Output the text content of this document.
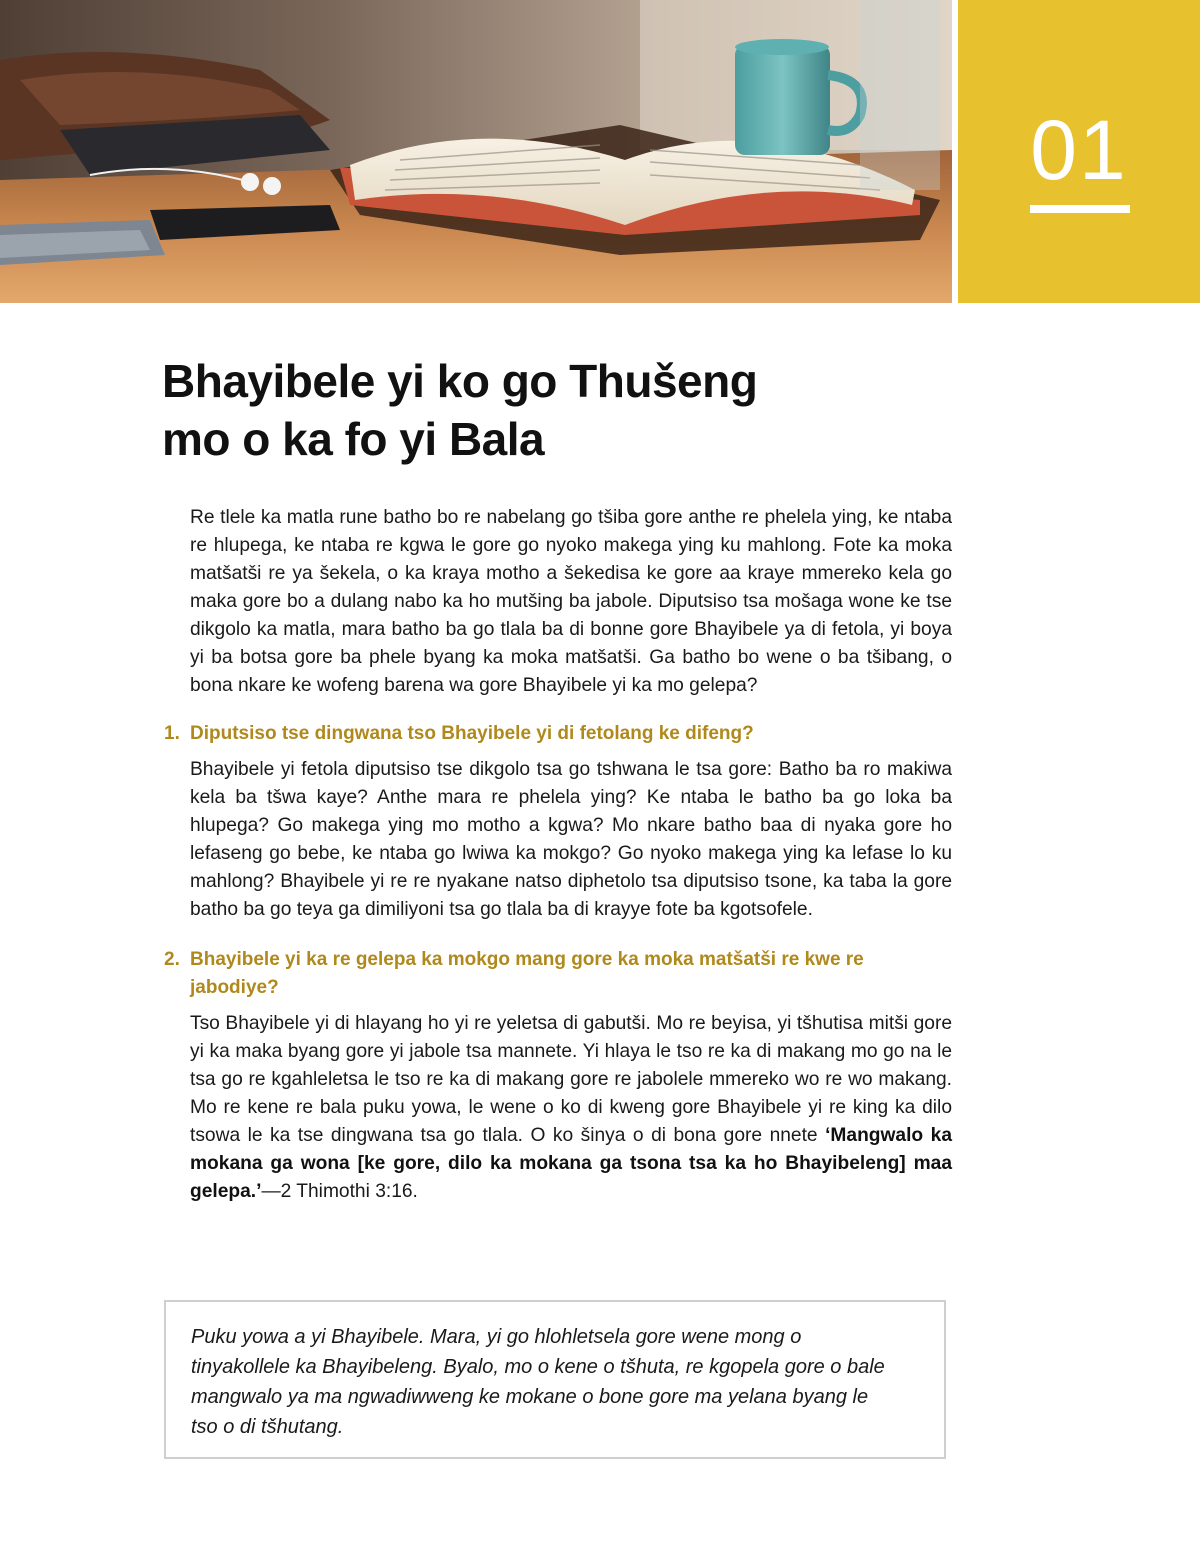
01
Bhayibele yi ko go Thušeng
mo o ka fo yi Bala

Re tlele ka matla rune batho bo re nabelang go tšiba gore anthe re phelela ying, ke ntaba re hlupega, ke ntaba re kgwa le gore go nyoko makega ying ku mahlong. Fote ka moka matšatši re ya šekela, o ka kraya motho a šekedisa ke gore aa kraye mmereko kela go maka gore bo a dulang nabo ka ho mutšing ba jabole. Diputsiso tsa mošaga wone ke tse dikgolo ka matla, mara batho ba go tlala ba di bonne gore Bhayibele ya di fetola, yi boya yi ba botsa gore ba phele byang ka moka matšatši. Ga batho bo wene o ba tšibang, o bona nkare ke wofeng barena wa gore Bhayibele yi ka mo gelepa?

1. Diputsiso tse dingwana tso Bhayibele yi di fetolang ke difeng?

Bhayibele yi fetola diputsiso tse dikgolo tsa go tshwana le tsa gore: Batho ba ro makiwa kela ba tšwa kaye? Anthe mara re phelela ying? Ke ntaba le batho ba go loka ba hlupega? Go makega ying mo motho a kgwa? Mo nkare batho baa di nyaka gore ho lefaseng go bebe, ke ntaba go lwiwa ka mokgo? Go nyoko makega ying ka lefase lo ku mahlong? Bhayibele yi re re nyakane natso diphetolo tsa diputsiso tsone, ka taba la gore batho ba go teya ga dimiliyoni tsa go tlala ba di krayye fote ba kgotsofele.

2. Bhayibele yi ka re gelepa ka mokgo mang gore ka moka matšatši re kwe re jabodiye?

Tso Bhayibele yi di hlayang ho yi re yeletsa di gabutši. Mo re beyisa, yi tšhutisa mitši gore yi ka maka byang gore yi jabole tsa mannete. Yi hlaya le tso re ka di makang mo go na le tsa go re kgahleletsa le tso re ka di makang gore re jabolele mmereko wo re wo makang. Mo re kene re bala puku yowa, le wene o ko di kweng gore Bhayibele yi re king ka dilo tsowa le ka tse dingwana tsa go tlala. O ko šinya o di bona gore nnete ‘Mangwalo ka mokana ga wona [ke gore, dilo ka mokana ga tsona tsa ka ho Bhayibeleng] maa gelepa.’—2 Thimothi 3:16.

Puku yowa a yi Bhayibele. Mara, yi go hlohletsela gore wene mong o tinyakollele ka Bhayibeleng. Byalo, mo o kene o tšhuta, re kgopela gore o bale mangwalo ya ma ngwadiwweng ke mokane o bone gore ma yelana byang le tso o di tšhutang.
